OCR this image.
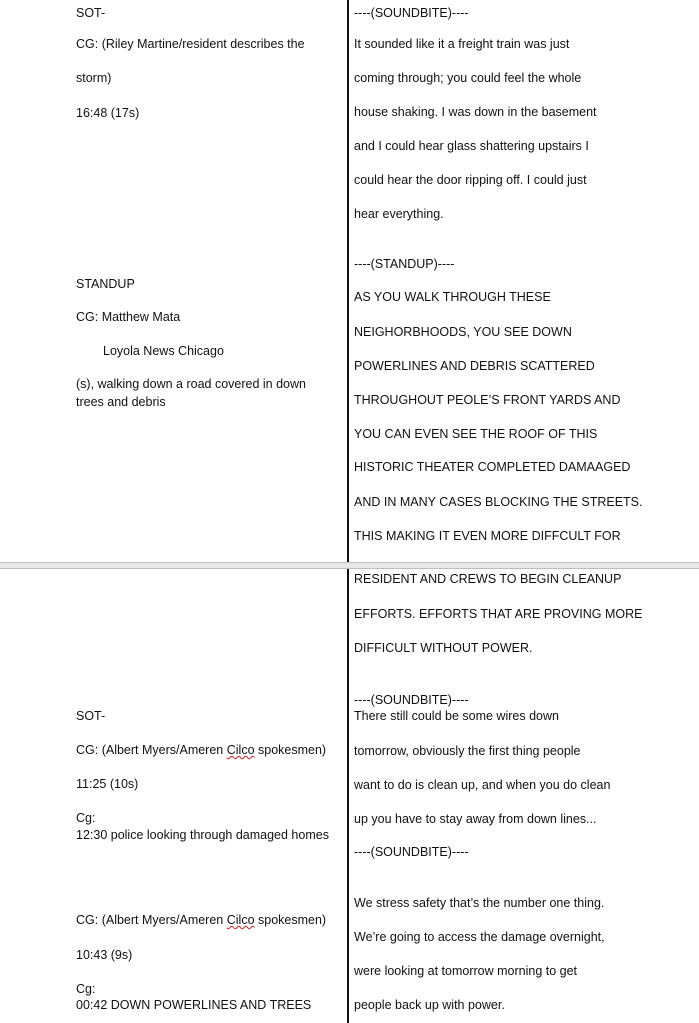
SOT-
CG: (Riley Martine/resident describes the
storm)
16:48 (17s)
STANDUP
CG: Matthew Mata
Loyola News Chicago
(s), walking down a road covered in down
trees and debris
----(SOUNDBITE)----
It sounded like it a freight train was just
coming through; you could feel the whole
house shaking. I was down in the basement
and I could hear glass shattering upstairs I
could hear the door ripping off. I could just
hear everything.
----(STANDUP)----
AS YOU WALK THROUGH THESE
NEIGHORBHOODS, YOU SEE DOWN
POWERLINES AND DEBRIS SCATTERED
THROUGHOUT PEOLE’S FRONT YARDS AND
YOU CAN EVEN SEE THE ROOF OF THIS
HISTORIC THEATER COMPLETED DAMAAGED
AND IN MANY CASES BLOCKING THE STREETS.
THIS MAKING IT EVEN MORE DIFFCULT FOR
RESIDENT AND CREWS TO BEGIN CLEANUP
EFFORTS. EFFORTS THAT ARE PROVING MORE
DIFFICULT WITHOUT POWER.
----(SOUNDBITE)----
There still could be some wires down
tomorrow, obviously the first thing people
want to do is clean up, and when you do clean
up you have to stay away from down lines...
----(SOUNDBITE)----
We stress safety that’s the number one thing.
We’re going to access the damage overnight,
were looking at tomorrow morning to get
people back up with power.
SOT-
CG: (Albert Myers/Ameren Cilco spokesmen)
11:25 (10s)
Cg:
12:30 police looking through damaged homes
CG: (Albert Myers/Ameren Cilco spokesmen)
10:43 (9s)
Cg:
00:42 DOWN POWERLINES AND TREES
